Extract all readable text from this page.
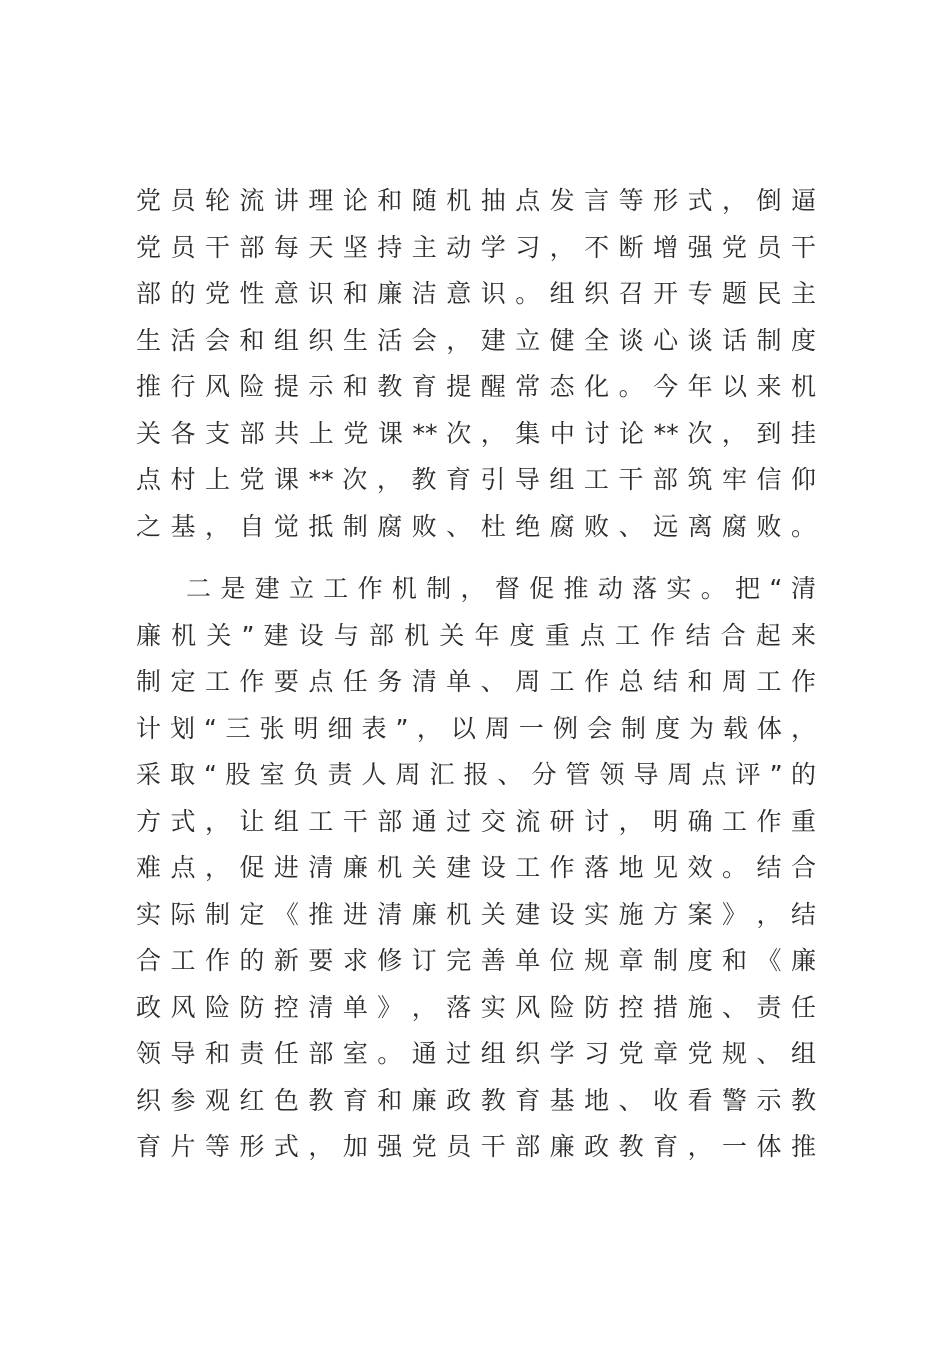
党 员 轮 流 讲 理 论 和 随 机 抽 点 发 言 等 形 式 ， 倒 逼
党 员 干 部 每 天 坚 持 主 动 学 习 ， 不 断 增 强 党 员 干
部 的 党 性 意 识 和 廉 洁 意 识 。 组 织 召 开 专 题 民 主
生 活 会 和 组 织 生 活 会 ， 建 立 健 全 谈 心 谈 话 制 度
推 行 风 险 提 示 和 教 育 提 醒 常 态 化 。 今 年 以 来 机
关 各 支 部 共 上 党 课 ** 次 ， 集 中 讨 论 ** 次 ， 到 挂
点 村 上 党 课 ** 次 ， 教 育 引 导 组 工 干 部 筑 牢 信 仰
之 基 ， 自 觉 抵 制 腐 败 、 杜 绝 腐 败 、 远 离 腐 败 。
二 是 建 立 工 作 机 制 ， 督 促 推 动 落 实 。 把 “ 清
廉 机 关 ” 建 设 与 部 机 关 年 度 重 点 工 作 结 合 起 来
制 定 工 作 要 点 任 务 清 单 、 周 工 作 总 结 和 周 工 作
计 划 “ 三 张 明 细 表 ” ， 以 周 一 例 会 制 度 为 载 体 ，
采 取 “ 股 室 负 责 人 周 汇 报 、 分 管 领 导 周 点 评 ” 的
方 式 ， 让 组 工 干 部 通 过 交 流 研 讨 ， 明 确 工 作 重
难 点 ， 促 进 清 廉 机 关 建 设 工 作 落 地 见 效 。 结 合
实 际 制 定 《 推 进 清 廉 机 关 建 设 实 施 方 案 》 ， 结
合 工 作 的 新 要 求 修 订 完 善 单 位 规 章 制 度 和 《 廉
政 风 险 防 控 清 单 》 ， 落 实 风 险 防 控 措 施 、 责 任
领 导 和 责 任 部 室 。 通 过 组 织 学 习 党 章 党 规 、 组
织 参 观 红 色 教 育 和 廉 政 教 育 基 地 、 收 看 警 示 教
育 片 等 形 式 ， 加 强 党 员 干 部 廉 政 教 育 ， 一 体 推
